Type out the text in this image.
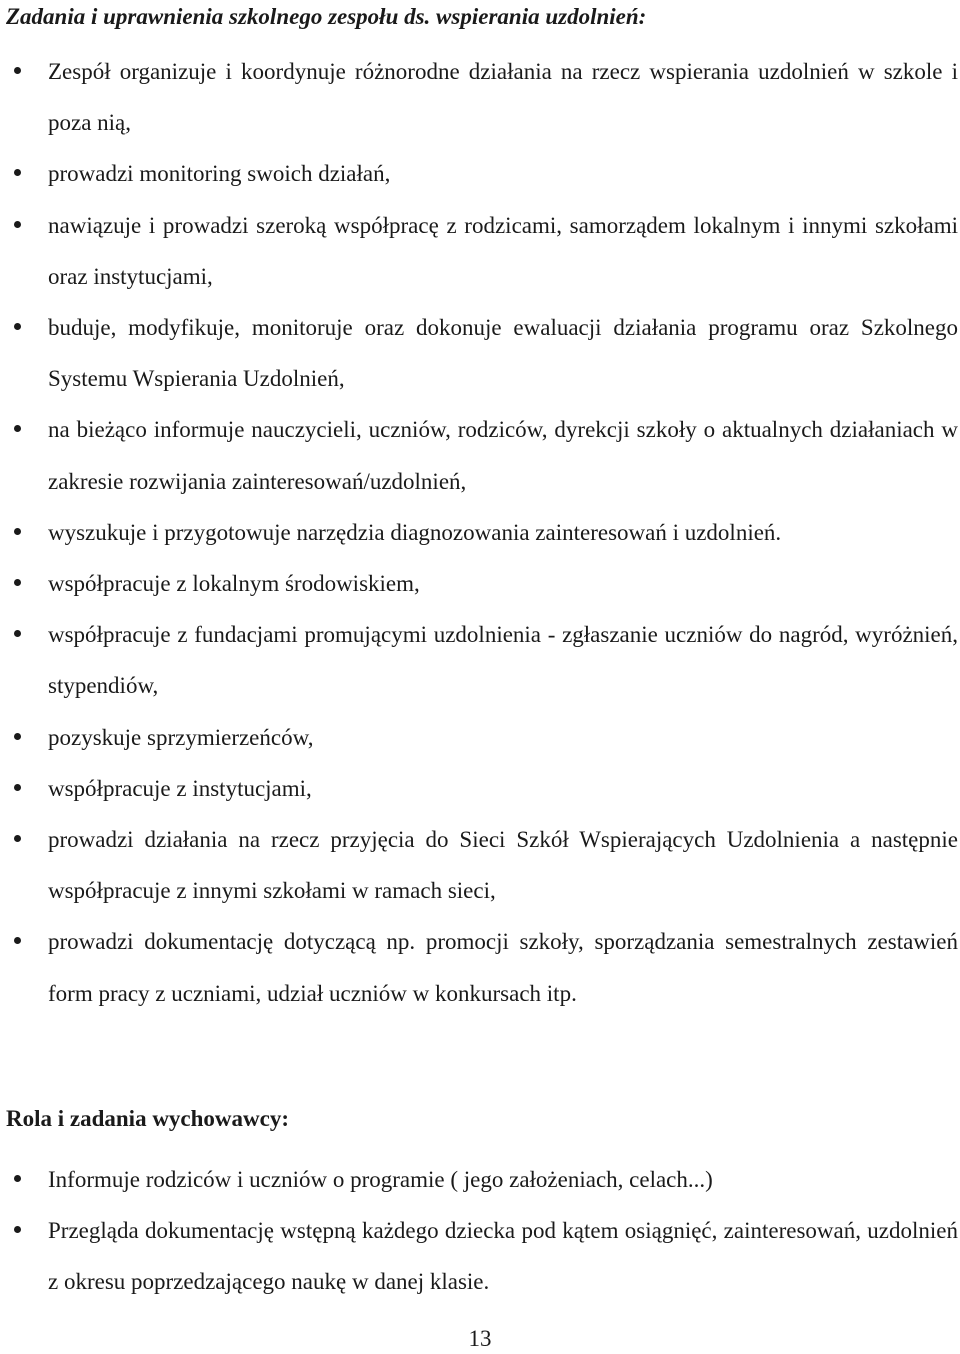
Zadania i uprawnienia szkolnego zespołu ds. wspierania uzdolnień:
Zespół organizuje i koordynuje różnorodne działania na rzecz wspierania uzdolnień w szkole i poza nią,
prowadzi monitoring swoich działań,
nawiązuje i prowadzi szeroką współpracę z rodzicami, samorządem lokalnym i innymi szkołami oraz instytucjami,
buduje, modyfikuje, monitoruje oraz dokonuje ewaluacji działania programu oraz Szkolnego Systemu Wspierania Uzdolnień,
na bieżąco informuje nauczycieli, uczniów, rodziców, dyrekcji szkoły o aktualnych działaniach w zakresie rozwijania zainteresowań/uzdolnień,
wyszukuje i przygotowuje narzędzia diagnozowania zainteresowań i uzdolnień.
współpracuje z lokalnym środowiskiem,
współpracuje z fundacjami promującymi uzdolnienia - zgłaszanie uczniów do nagród, wyróżnień, stypendiów,
pozyskuje sprzymierzeńców,
współpracuje z instytucjami,
prowadzi działania na rzecz przyjęcia do Sieci Szkół Wspierających Uzdolnienia a następnie współpracuje z innymi szkołami w ramach sieci,
prowadzi dokumentację dotyczącą np. promocji szkoły, sporządzania semestralnych zestawień form pracy z uczniami, udział uczniów w konkursach itp.
Rola i zadania wychowawcy:
Informuje rodziców i uczniów o programie ( jego założeniach, celach...)
Przegląda dokumentację wstępną każdego dziecka pod kątem osiągnięć, zainteresowań, uzdolnień z okresu poprzedzającego naukę w danej klasie.
13
